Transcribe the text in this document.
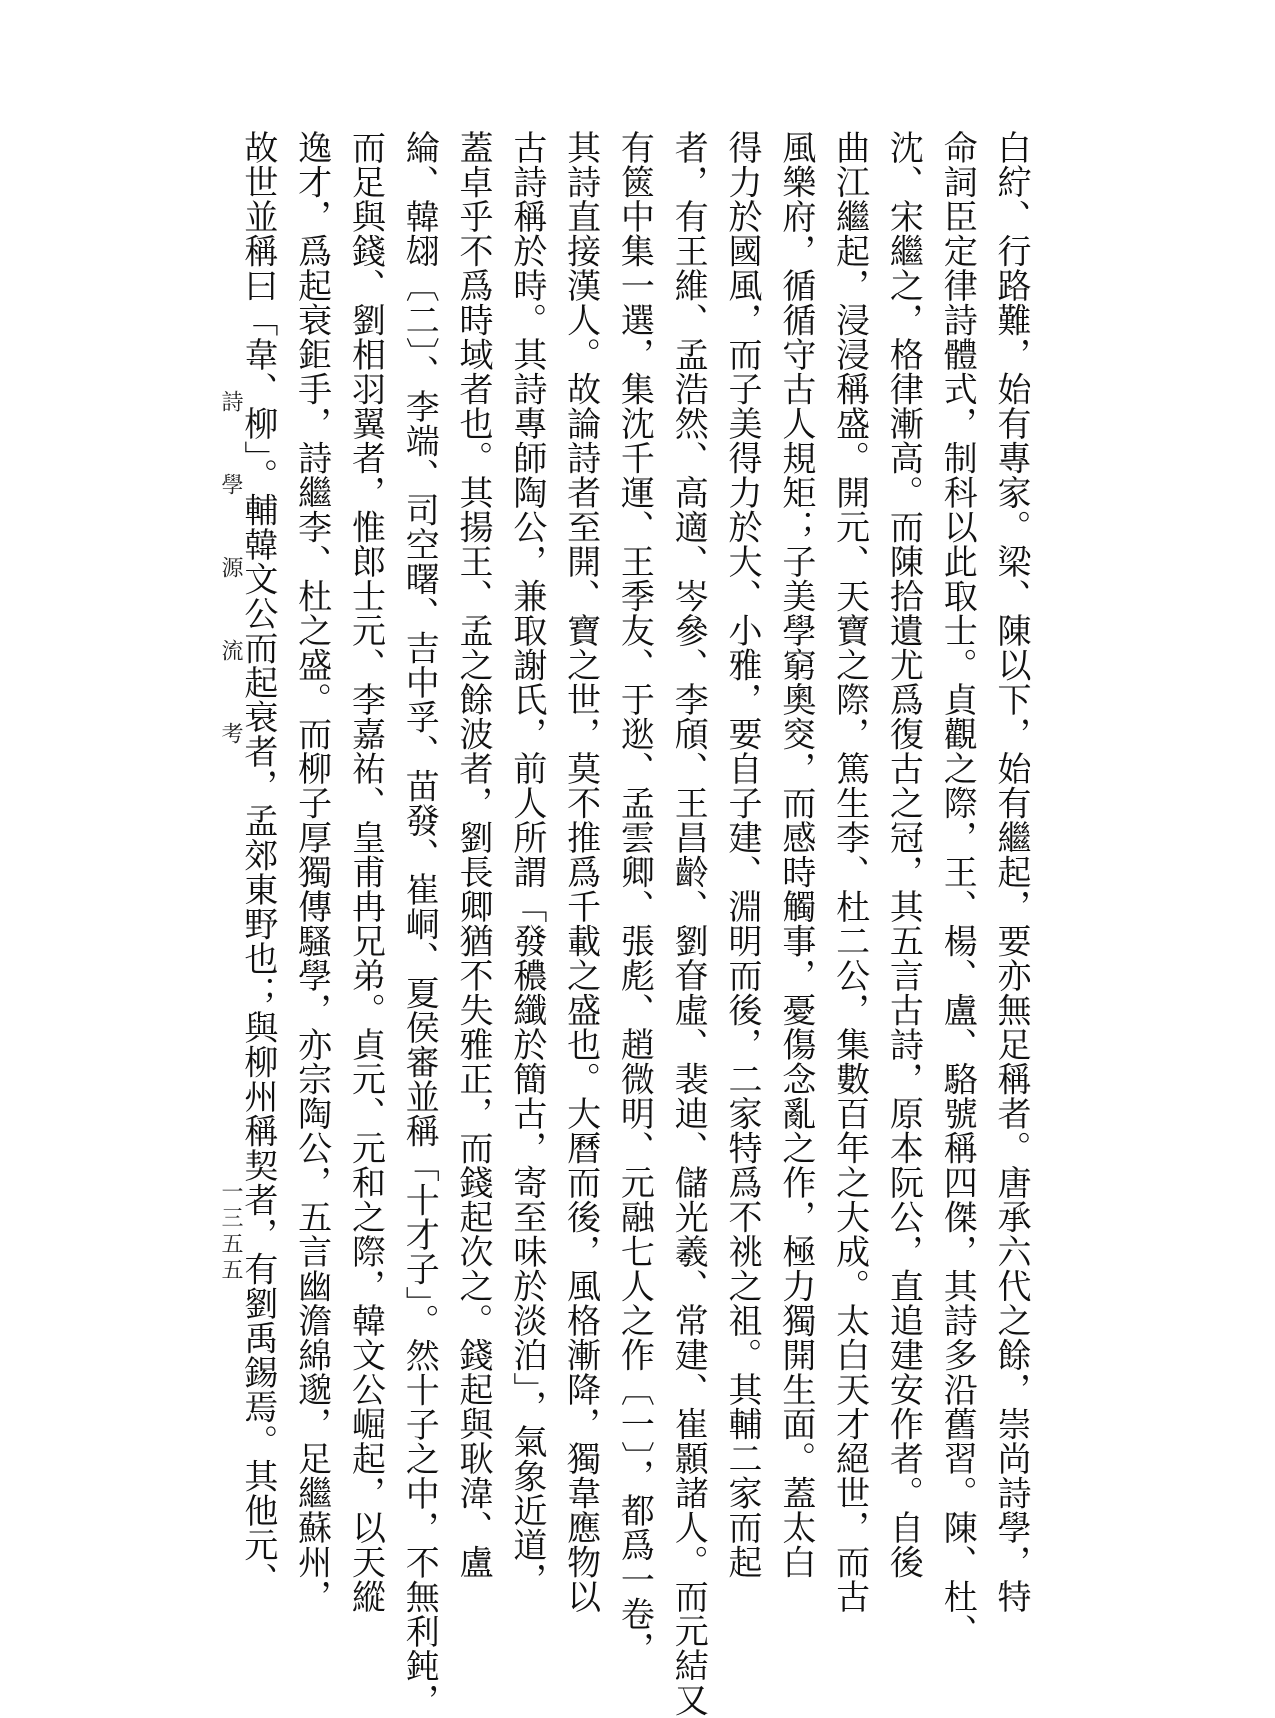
白紵、行路難，始有專家。梁、陳以下，始有繼起，要亦無足稱者。唐承六代之餘，崇尚詩學，特
命詞臣定律詩體式，制科以此取士。貞觀之際，王、楊、盧、駱號稱四傑，其詩多沿舊習。陳、杜、
沈、宋繼之，格律漸高。而陳拾遺尤爲復古之冠，其五言古詩，原本阮公，直追建安作者。自後
曲江繼起，浸浸稱盛。開元、天寶之際，篤生李、杜二公，集數百年之大成。太白天才絕世，而古
風樂府，循循守古人規矩；子美學窮奧窔，而感時觸事，憂傷念亂之作，極力獨開生面。蓋太白
得力於國風，而子美得力於大、小雅，要自子建、淵明而後，二家特爲不祧之祖。其輔二家而起
者，有王維、孟浩然、高適、岑參、李頎、王昌齡、劉眘虛、裴迪、儲光羲、常建、崔顥諸人。而元結又
有篋中集一選，集沈千運、王季友、于逖、孟雲卿、張彪、趙微明、元融七人之作〔一〕，都爲一卷，
其詩直接漢人。故論詩者至開、寶之世，莫不推爲千載之盛也。大曆而後，風格漸降，獨韋應物以
古詩稱於時。其詩專師陶公，兼取謝氏，前人所謂「發穠纖於簡古，寄至味於淡泊」，氣象近道，
蓋卓乎不爲時域者也。其揚王、孟之餘波者，劉長卿猶不失雅正，而錢起次之。錢起與耿湋、盧
綸、韓翃〔二〕、李端、司空曙、吉中孚、苗發、崔峒、夏侯審並稱「十才子」。然十子之中，不無利鈍，
而足與錢、劉相羽翼者，惟郎士元、李嘉祐、皇甫冉兄弟。貞元、元和之際，韓文公崛起，以天縱
逸才，爲起衰鉅手，詩繼李、杜之盛。而柳子厚獨傳騷學，亦宗陶公，五言幽澹綿邈，足繼蘇州，
故世並稱曰「韋、柳」。輔韓文公而起衰者，孟郊東野也；與柳州稱契者，有劉禹錫焉。其他元、
詩 學 源 流 考
一三五五
